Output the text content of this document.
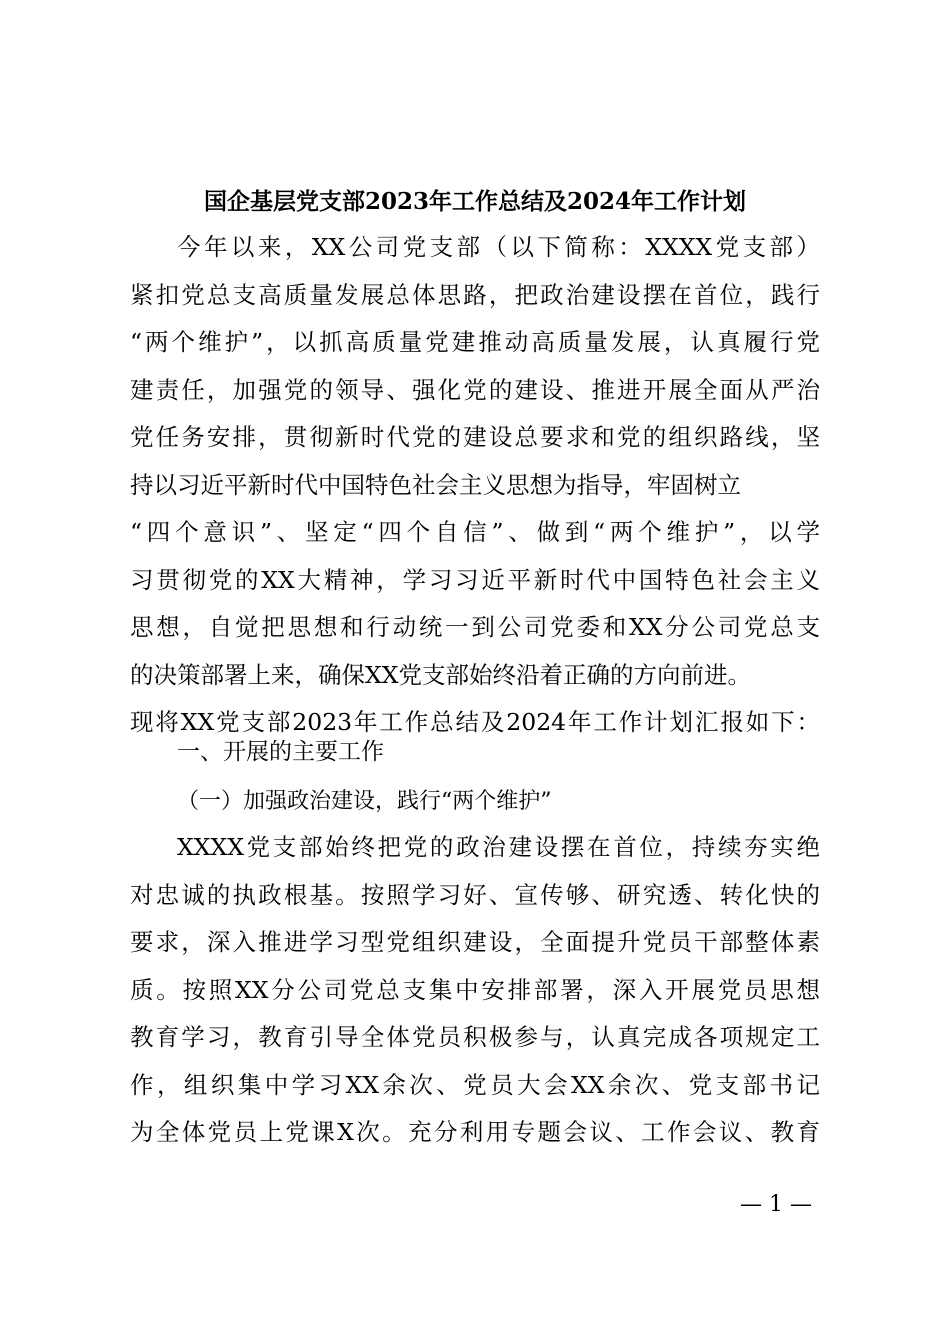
国企基层党支部2023年工作总结及2024年工作计划
今年以来，XX公司党支部（以下简称：XXXX党支部）
紧扣党总支高质量发展总体思路，把政治建设摆在首位，践行
“两个维护”，以抓高质量党建推动高质量发展，认真履行党
建责任，加强党的领导、强化党的建设、推进开展全面从严治
党任务安排，贯彻新时代党的建设总要求和党的组织路线，坚
持以习近平新时代中国特色社会主义思想为指导，牢固树立
“四个意识”、坚定“四个自信”、做到“两个维护”，以学
习贯彻党的XX大精神，学习习近平新时代中国特色社会主义
思想，自觉把思想和行动统一到公司党委和XX分公司党总支
的决策部署上来，确保XX党支部始终沿着正确的方向前进。
现将XX党支部2023年工作总结及2024年工作计划汇报如下：
一、开展的主要工作
（一）加强政治建设，践行“两个维护”
XXXX党支部始终把党的政治建设摆在首位，持续夯实绝
对忠诚的执政根基。按照学习好、宣传够、研究透、转化快的
要求，深入推进学习型党组织建设，全面提升党员干部整体素
质。按照XX分公司党总支集中安排部署，深入开展党员思想
教育学习，教育引导全体党员积极参与，认真完成各项规定工
作，组织集中学习XX余次、党员大会XX余次、党支部书记
为全体党员上党课X次。充分利用专题会议、工作会议、教育
— 1 —
